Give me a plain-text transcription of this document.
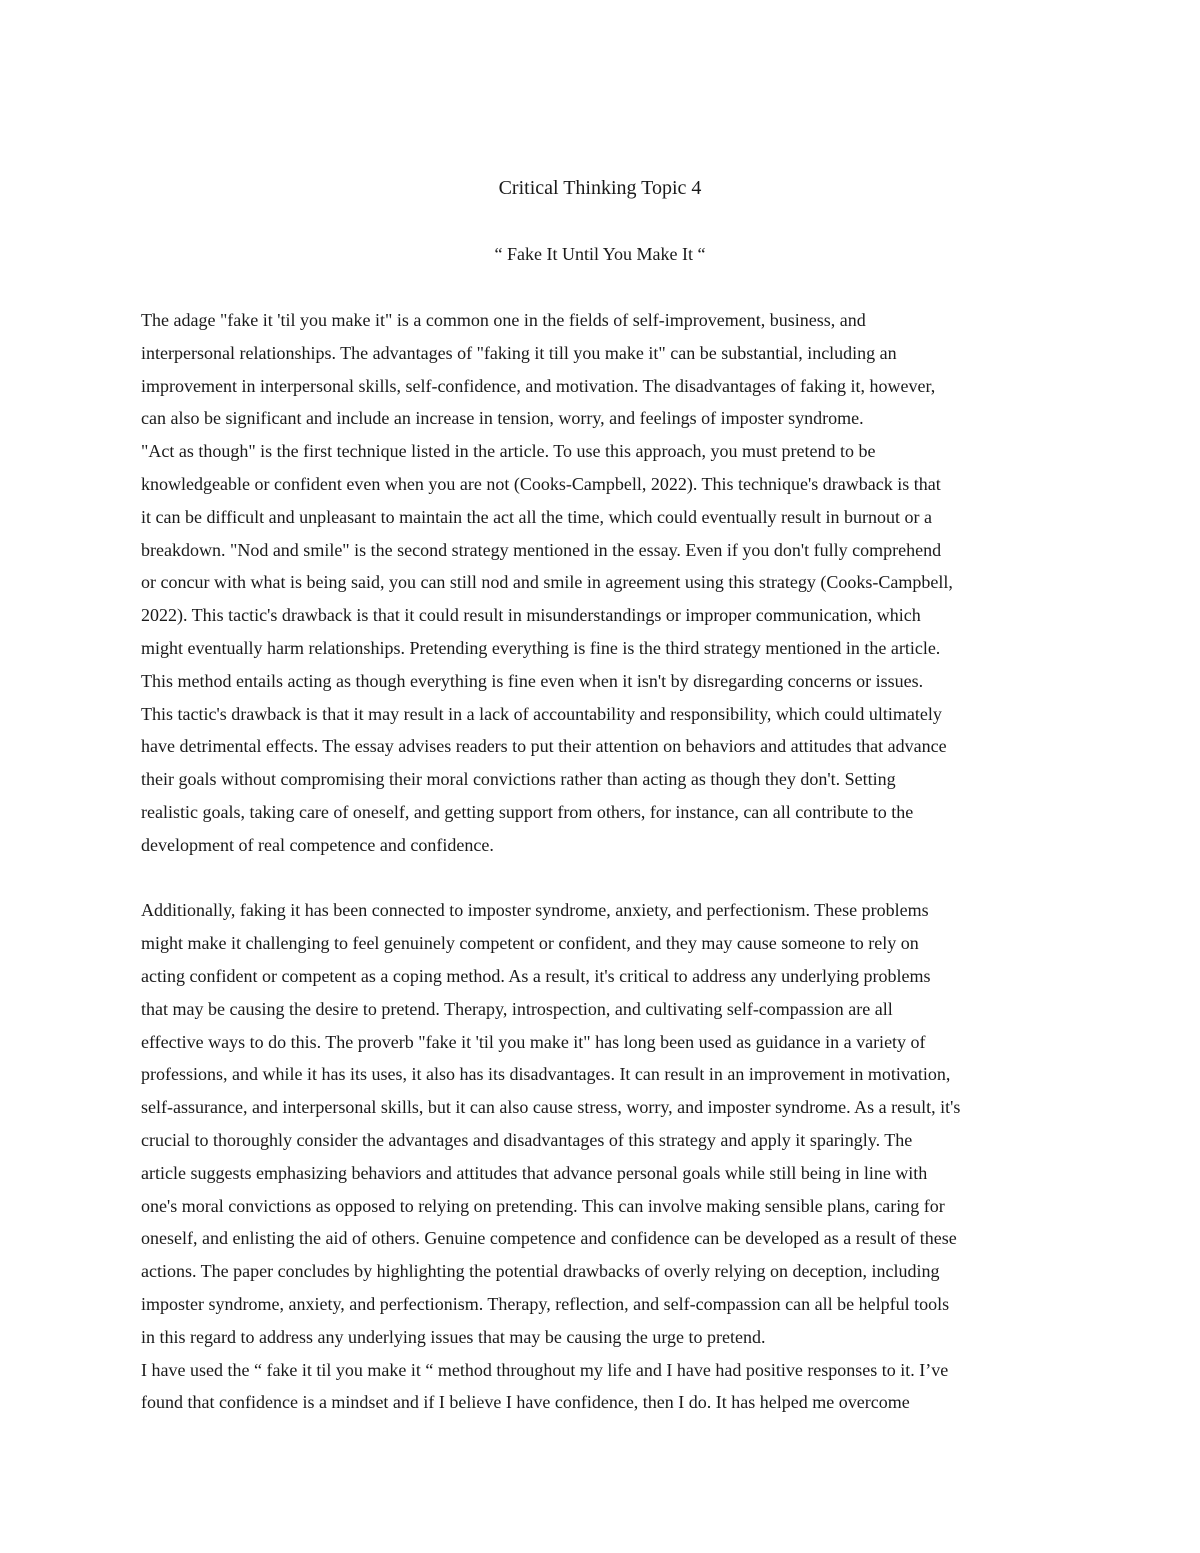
Critical Thinking Topic 4
“ Fake It Until You Make It “
The adage "fake it 'til you make it" is a common one in the fields of self-improvement, business, and
interpersonal relationships. The advantages of "faking it till you make it" can be substantial, including an
improvement in interpersonal skills, self-confidence, and motivation. The disadvantages of faking it, however,
can also be significant and include an increase in tension, worry, and feelings of imposter syndrome.
"Act as though" is the first technique listed in the article. To use this approach, you must pretend to be
knowledgeable or confident even when you are not (Cooks-Campbell, 2022). This technique's drawback is that
it can be difficult and unpleasant to maintain the act all the time, which could eventually result in burnout or a
breakdown. "Nod and smile" is the second strategy mentioned in the essay. Even if you don't fully comprehend
or concur with what is being said, you can still nod and smile in agreement using this strategy (Cooks-Campbell,
2022). This tactic's drawback is that it could result in misunderstandings or improper communication, which
might eventually harm relationships. Pretending everything is fine is the third strategy mentioned in the article.
This method entails acting as though everything is fine even when it isn't by disregarding concerns or issues.
This tactic's drawback is that it may result in a lack of accountability and responsibility, which could ultimately
have detrimental effects. The essay advises readers to put their attention on behaviors and attitudes that advance
their goals without compromising their moral convictions rather than acting as though they don't. Setting
realistic goals, taking care of oneself, and getting support from others, for instance, can all contribute to the
development of real competence and confidence.
Additionally, faking it has been connected to imposter syndrome, anxiety, and perfectionism. These problems
might make it challenging to feel genuinely competent or confident, and they may cause someone to rely on
acting confident or competent as a coping method. As a result, it's critical to address any underlying problems
that may be causing the desire to pretend. Therapy, introspection, and cultivating self-compassion are all
effective ways to do this. The proverb "fake it 'til you make it" has long been used as guidance in a variety of
professions, and while it has its uses, it also has its disadvantages. It can result in an improvement in motivation,
self-assurance, and interpersonal skills, but it can also cause stress, worry, and imposter syndrome. As a result, it's
crucial to thoroughly consider the advantages and disadvantages of this strategy and apply it sparingly. The
article suggests emphasizing behaviors and attitudes that advance personal goals while still being in line with
one's moral convictions as opposed to relying on pretending. This can involve making sensible plans, caring for
oneself, and enlisting the aid of others. Genuine competence and confidence can be developed as a result of these
actions. The paper concludes by highlighting the potential drawbacks of overly relying on deception, including
imposter syndrome, anxiety, and perfectionism. Therapy, reflection, and self-compassion can all be helpful tools
in this regard to address any underlying issues that may be causing the urge to pretend.
I have used the “ fake it til you make it “ method throughout my life and I have had positive responses to it. I’ve
found that confidence is a mindset and if I believe I have confidence, then I do. It has helped me overcome
